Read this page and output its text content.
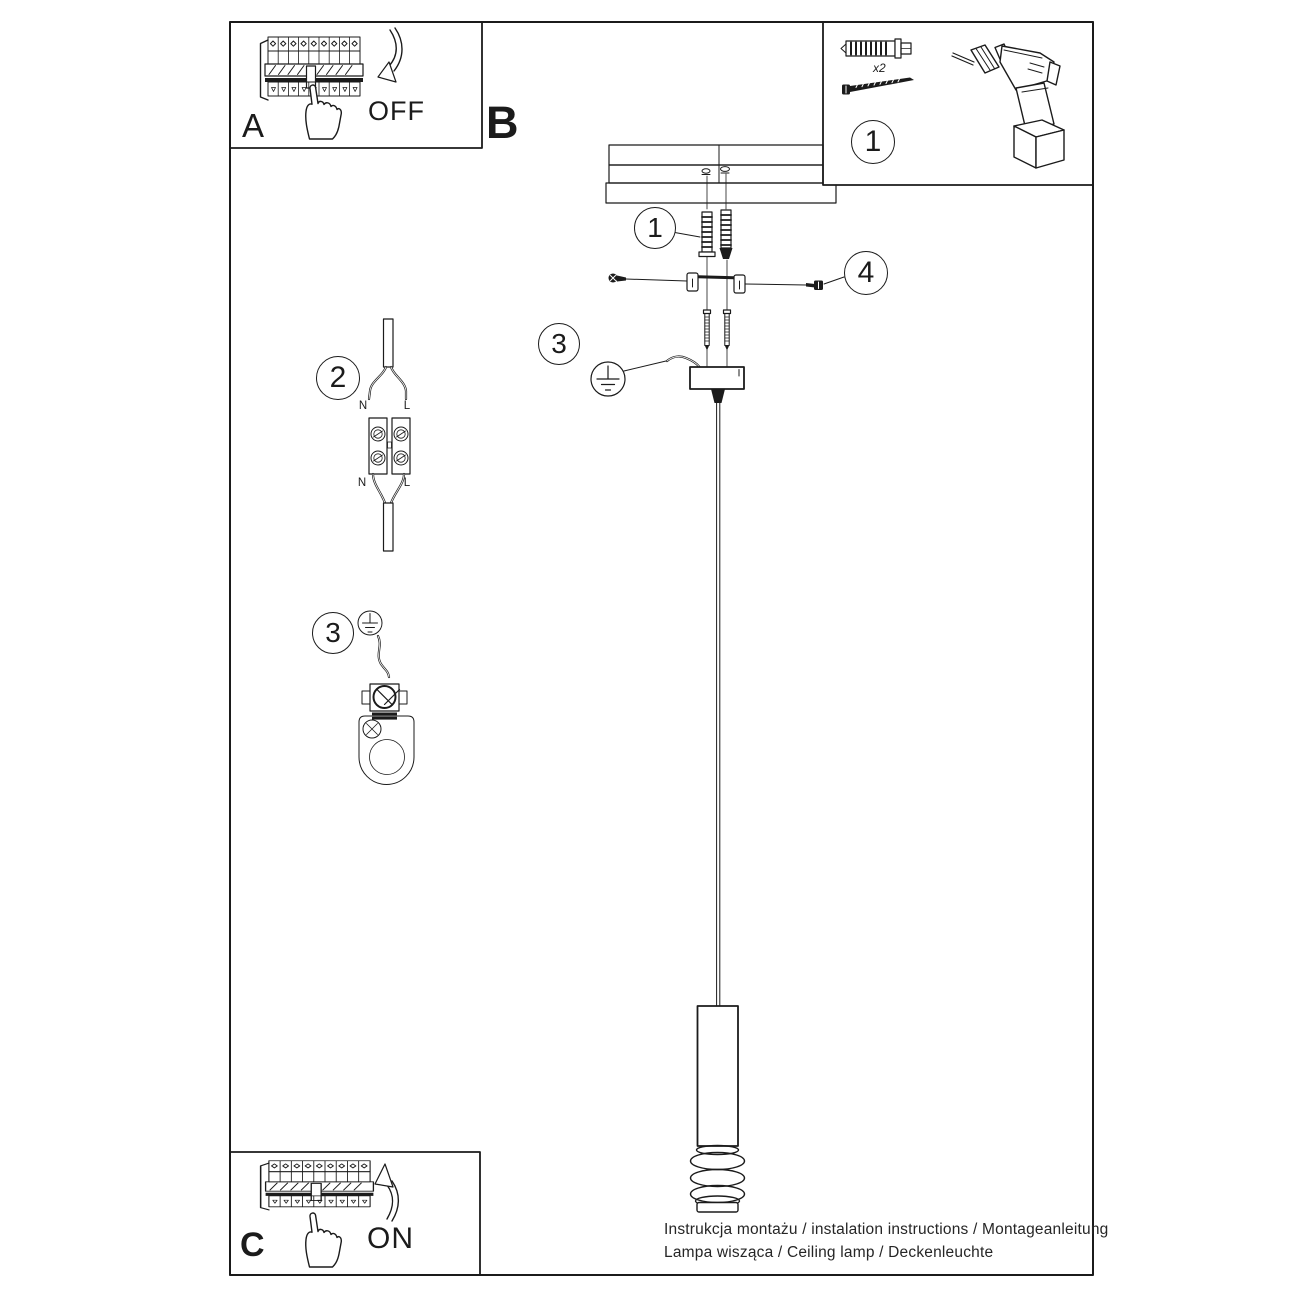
A	OFF B
x2
1
1
4
3
2
3
N	L
N	L
C	ON	Instrukcja montażu / instalation instructions / Montageanleitung
Lampa wisząca / Ceiling lamp / Deckenleuchte
